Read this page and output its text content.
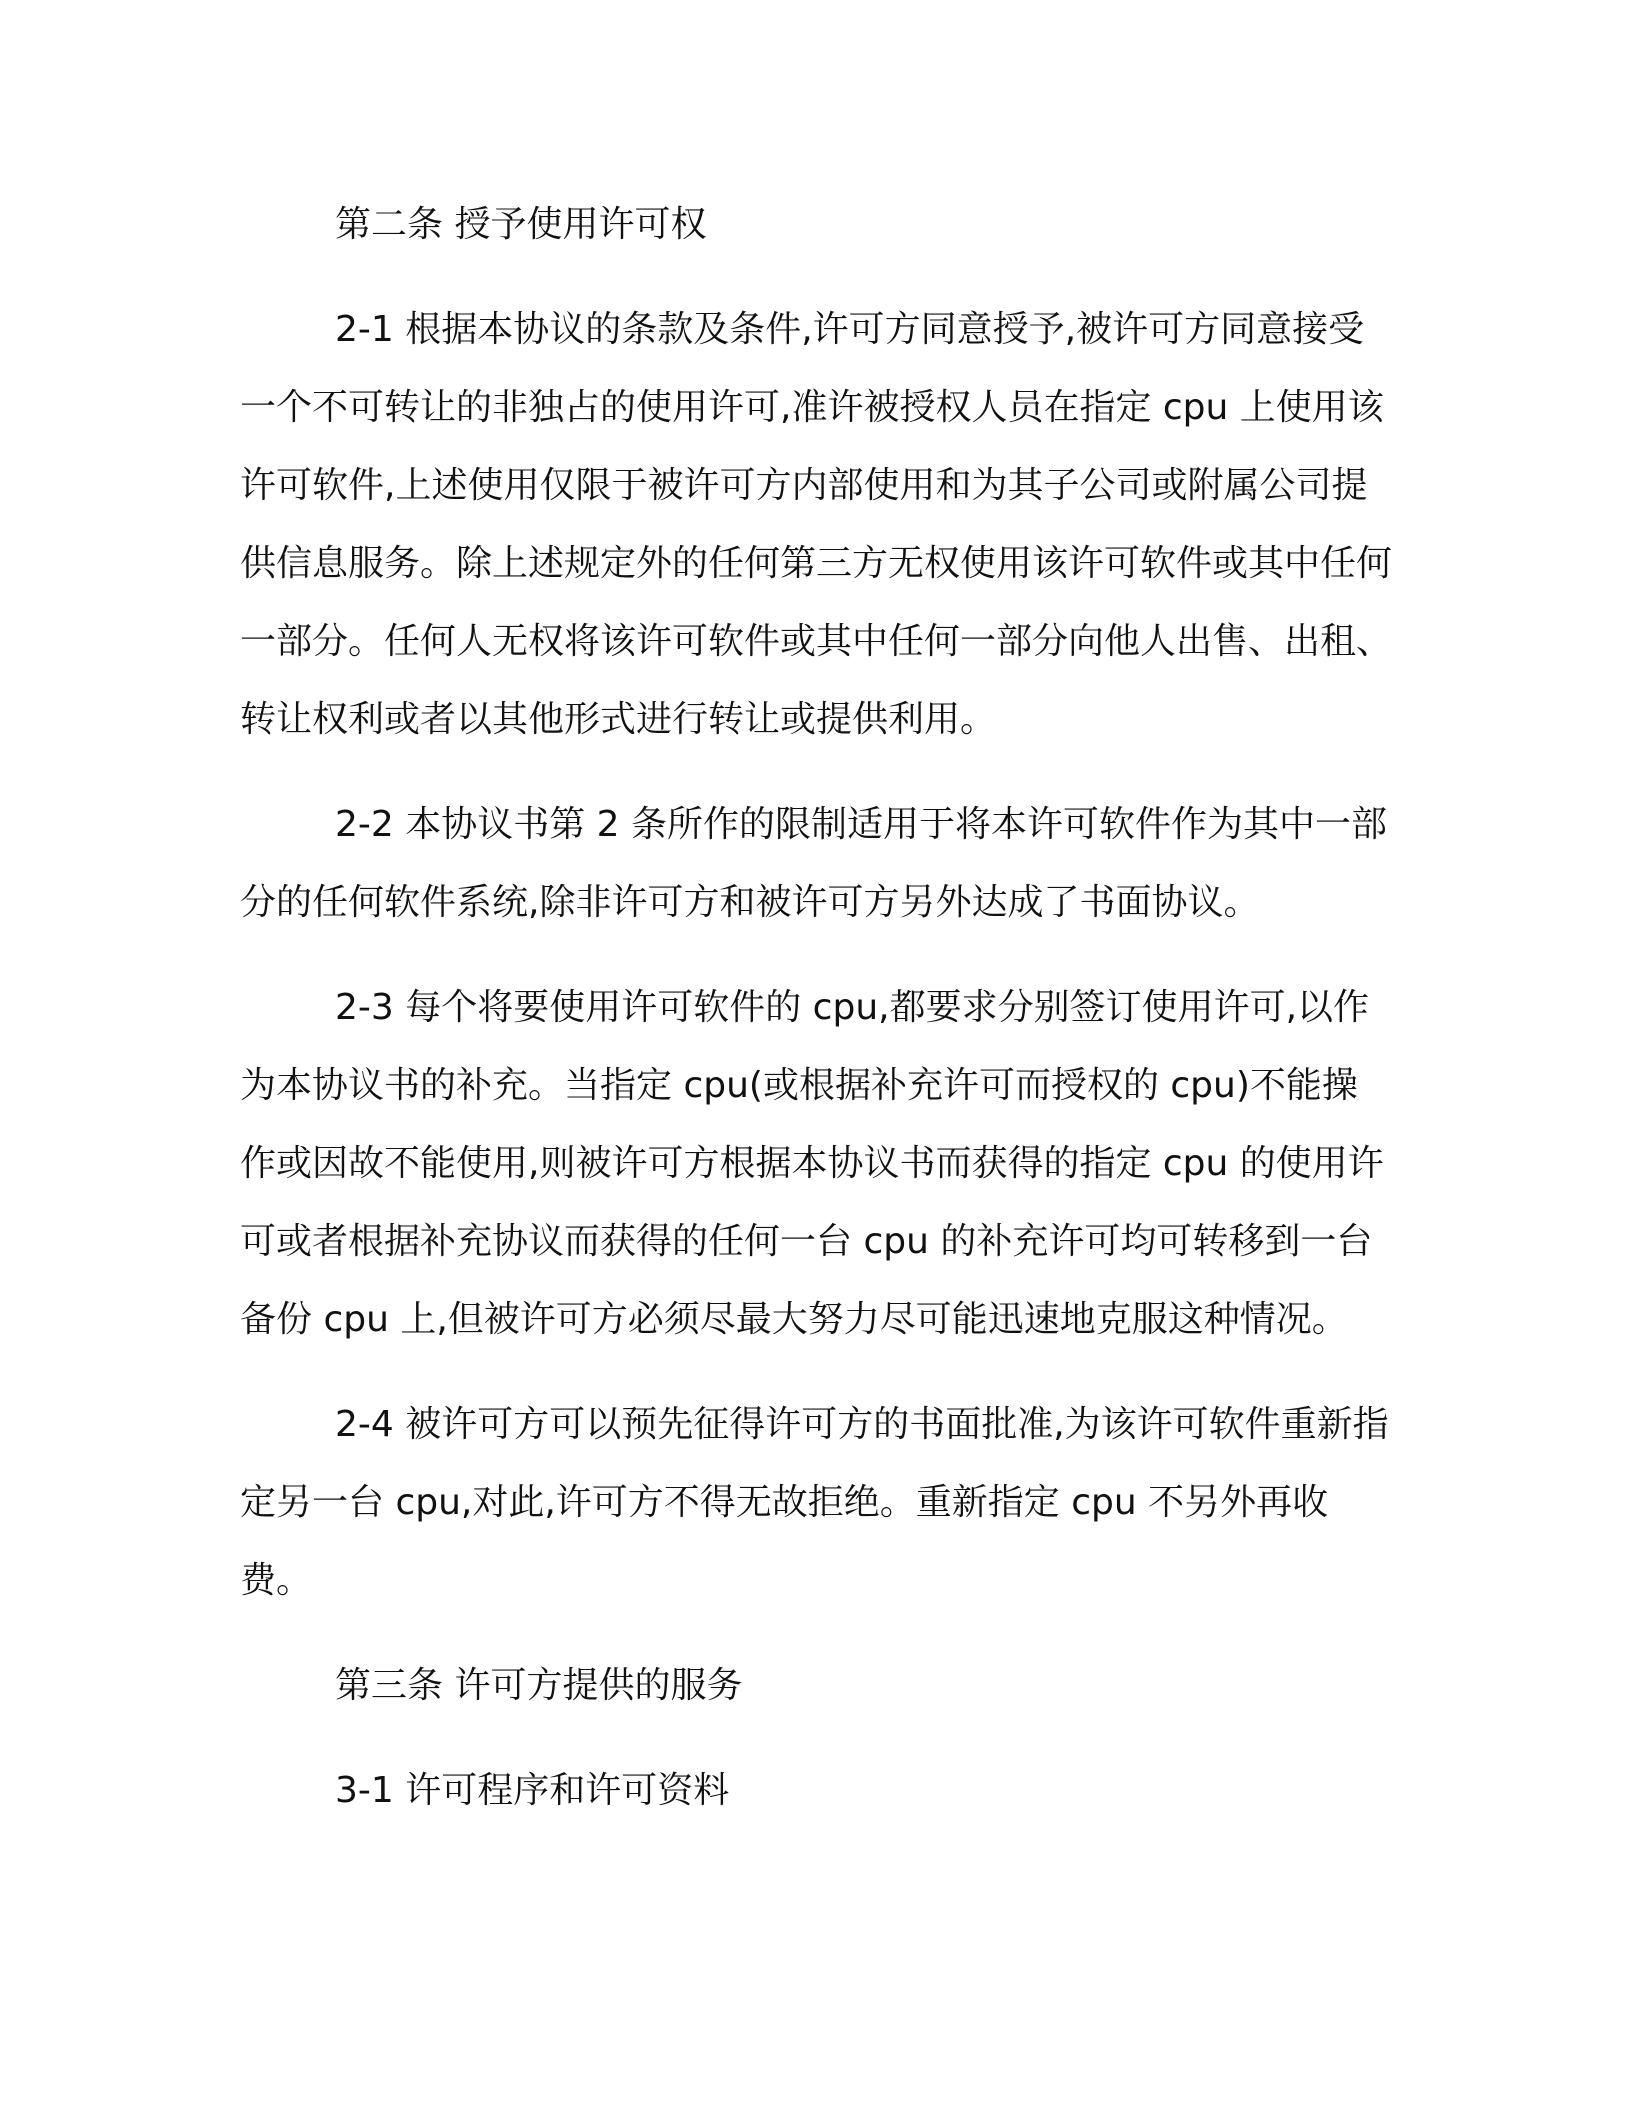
第二条 授予使用许可权

2-1 根据本协议的条款及条件,许可方同意授予,被许可方同意接受一个不可转让的非独占的使用许可,准许被授权人员在指定 cpu 上使用该许可软件,上述使用仅限于被许可方内部使用和为其子公司或附属公司提供信息服务。除上述规定外的任何第三方无权使用该许可软件或其中任何一部分。任何人无权将该许可软件或其中任何一部分向他人出售、出租、转让权利或者以其他形式进行转让或提供利用。

2-2 本协议书第 2 条所作的限制适用于将本许可软件作为其中一部分的任何软件系统,除非许可方和被许可方另外达成了书面协议。

2-3 每个将要使用许可软件的 cpu,都要求分别签订使用许可,以作为本协议书的补充。当指定 cpu(或根据补充许可而授权的 cpu)不能操作或因故不能使用,则被许可方根据本协议书而获得的指定 cpu 的使用许可或者根据补充协议而获得的任何一台 cpu 的补充许可均可转移到一台备份 cpu 上,但被许可方必须尽最大努力尽可能迅速地克服这种情况。

2-4 被许可方可以预先征得许可方的书面批准,为该许可软件重新指定另一台 cpu,对此,许可方不得无故拒绝。重新指定 cpu 不另外再收费。

第三条 许可方提供的服务

3-1 许可程序和许可资料
